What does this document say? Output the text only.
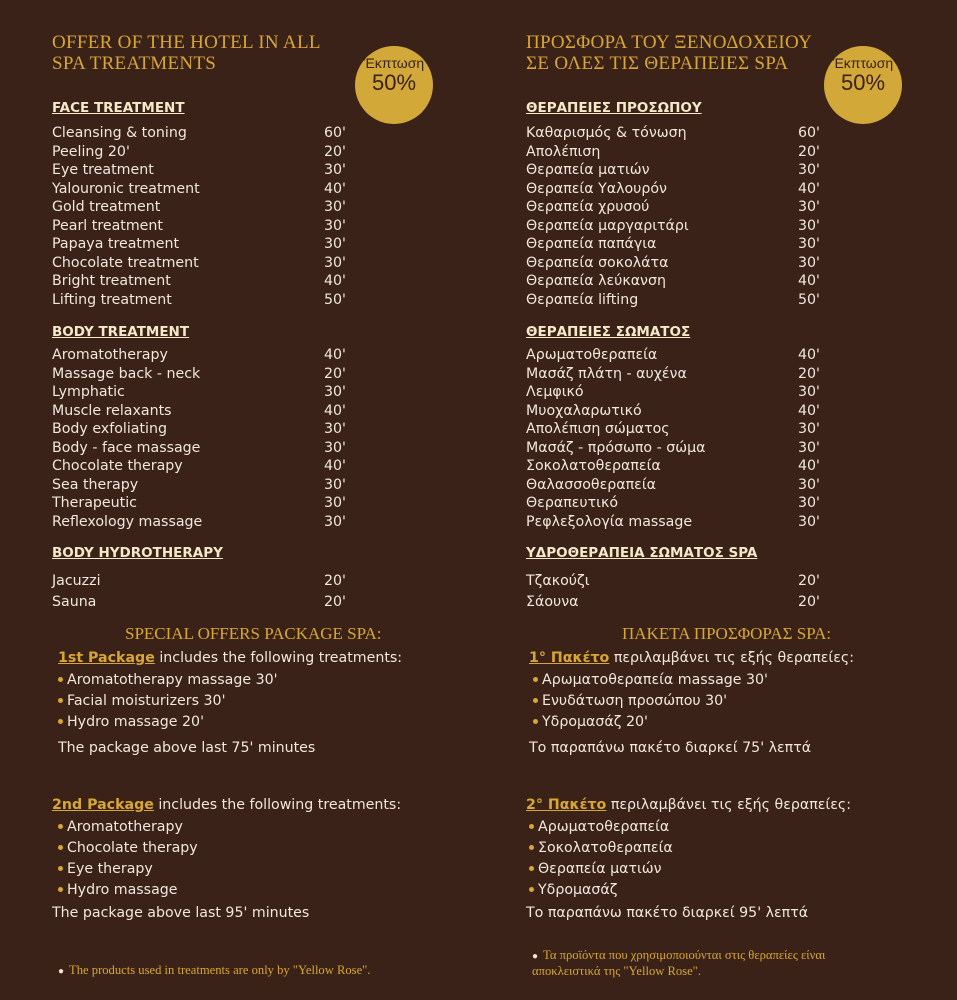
OFFER OF THE HOTEL IN ALL
SPA TREATMENTS	Έκπτωση
50%
FACE TREATMENT
Cleansing & toning	60'
Peeling 20'	20'
Eye treatment	30'
Yalouronic treatment	40'
Gold treatment	30'
Pearl treatment	30'
Papaya treatment	30'
Chocolate treatment	30'
Bright treatment	40'
Lifting treatment	50'
BODY TREATMENT
Aromatotherapy	40'
Massage back - neck	20'
Lymphatic	30'
Muscle relaxants	40'
Body exfoliating	30'
Body - face massage	30'
Chocolate therapy	40'
Sea therapy	30'
Therapeutic	30'
Reflexology massage	30'
BODY HYDROTHERAPY
Jacuzzi	20'
Sauna	20'
SPECIAL OFFERS PACKAGE SPA:
1st Package includes the following treatments:
Aromatotherapy massage 30'
Facial moisturizers 30'
Hydro massage 20'
The package above last 75' minutes
2nd Package includes the following treatments:
Aromatotherapy
Chocolate therapy
Eye therapy
Hydro massage
The package above last 95' minutes

● The products used in treatments are only by "Yellow Rose".

ΠΡΟΣΦΟΡΑ ΤΟΥ ΞΕΝΟΔΟΧΕΙΟΥ
ΣΕ ΟΛΕΣ ΤΙΣ ΘΕΡΑΠΕΙΕΣ SPA	Έκπτωση
50%
ΘΕΡΑΠΕΙΕΣ ΠΡΟΣΩΠΟΥ
Καθαρισμός & τόνωση	60'
Απολέπιση	20'
Θεραπεία ματιών	30'
Θεραπεία Υαλουρόν	40'
Θεραπεία χρυσού	30'
Θεραπεία μαργαριτάρι	30'
Θεραπεία παπάγια	30'
Θεραπεία σοκολάτα	30'
Θεραπεία λεύκανση	40'
Θεραπεία lifting	50'
ΘΕΡΑΠΕΙΕΣ ΣΩΜΑΤΟΣ
Αρωματοθεραπεία	40'
Μασάζ πλάτη - αυχένα	20'
Λεμφικό	30'
Μυοχαλαρωτικό	40'
Απολέπιση σώματος	30'
Μασάζ - πρόσωπο - σώμα	30'
Σοκολατοθεραπεία	40'
Θαλασσοθεραπεία	30'
Θεραπευτικό	30'
Ρεφλεξολογία massage	30'
ΥΔΡΟΘΕΡΑΠΕΙΑ ΣΩΜΑΤΟΣ SPA
Τζακούζι	20'
Σάουνα	20'
ΠΑΚΕΤΑ ΠΡΟΣΦΟΡΑΣ SPA:
1° Πακέτο περιλαμβάνει τις εξής θεραπείες:
Αρωματοθεραπεία massage 30'
Ενυδάτωση προσώπου 30'
Υδρομασάζ 20'
Το παραπάνω πακέτο διαρκεί 75' λεπτά
2° Πακέτο περιλαμβάνει τις εξής θεραπείες:
Αρωματοθεραπεία
Σοκολατοθεραπεία
Θεραπεία ματιών
Υδρομασάζ
Το παραπάνω πακέτο διαρκεί 95' λεπτά

● Τα προϊόντα που χρησιμοποιούνται στις θεραπείες είναι αποκλειστικά της "Yellow Rose".
